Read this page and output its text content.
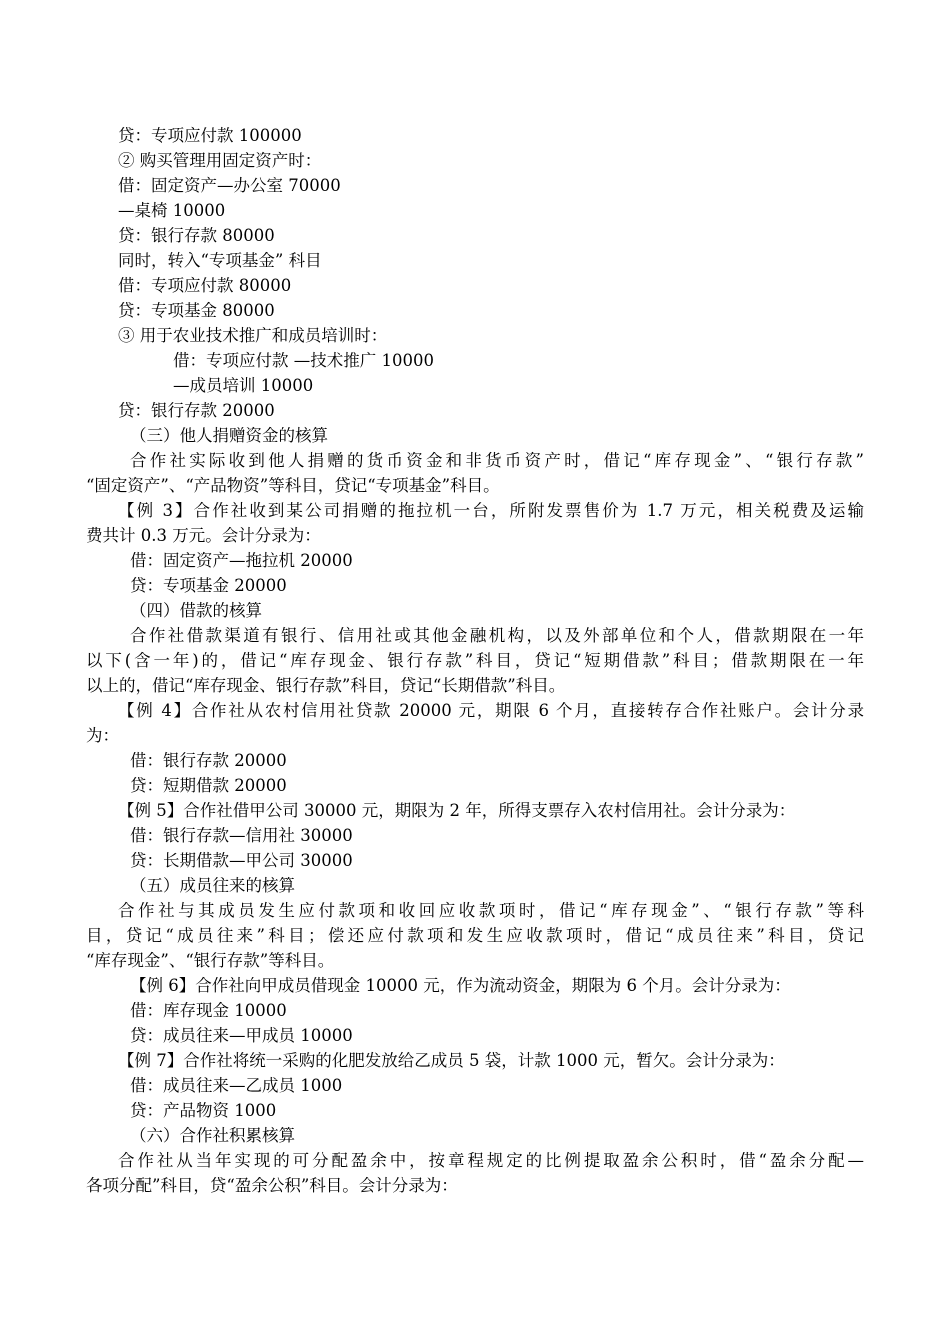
贷：专项应付款 100000
② 购买管理用固定资产时：
借：固定资产—办公室 70000
—桌椅 10000
贷：银行存款 80000
同时，转入“专项基金” 科目
借：专项应付款 80000
贷：专项基金 80000
③ 用于农业技术推广和成员培训时：
借：专项应付款 —技术推广 10000
—成员培训 10000
贷：银行存款 20000
（三）他人捐赠资金的核算
合作社实际收到他人捐赠的货币资金和非货币资产时，借记“库存现金”、“银行存款”
“固定资产”、“产品物资”等科目，贷记“专项基金”科目。
【例 3】合作社收到某公司捐赠的拖拉机一台，所附发票售价为 1.7 万元，相关税费及运输
费共计 0.3 万元。会计分录为：
借：固定资产—拖拉机 20000
贷：专项基金 20000
（四）借款的核算
合作社借款渠道有银行、信用社或其他金融机构，以及外部单位和个人，借款期限在一年
以下(含一年)的，借记“库存现金、银行存款”科目，贷记“短期借款”科目；借款期限在一年
以上的，借记“库存现金、银行存款”科目，贷记“长期借款”科目。
【例 4】合作社从农村信用社贷款 20000 元，期限 6 个月，直接转存合作社账户。会计分录
为：
借：银行存款 20000
贷：短期借款 20000
【例 5】合作社借甲公司 30000 元，期限为 2 年，所得支票存入农村信用社。会计分录为：
借：银行存款—信用社 30000
贷：长期借款—甲公司 30000
（五）成员往来的核算
合作社与其成员发生应付款项和收回应收款项时，借记“库存现金”、“银行存款”等科
目，贷记“成员往来”科目；偿还应付款项和发生应收款项时，借记“成员往来”科目，贷记
“库存现金”、“银行存款”等科目。
【例 6】合作社向甲成员借现金 10000 元，作为流动资金，期限为 6 个月。会计分录为：
借：库存现金 10000
贷：成员往来—甲成员 10000
【例 7】合作社将统一采购的化肥发放给乙成员 5 袋，计款 1000 元，暂欠。会计分录为：
借：成员往来—乙成员 1000
贷：产品物资 1000
（六）合作社积累核算
合作社从当年实现的可分配盈余中，按章程规定的比例提取盈余公积时，借“盈余分配—
各项分配”科目，贷“盈余公积”科目。会计分录为：
